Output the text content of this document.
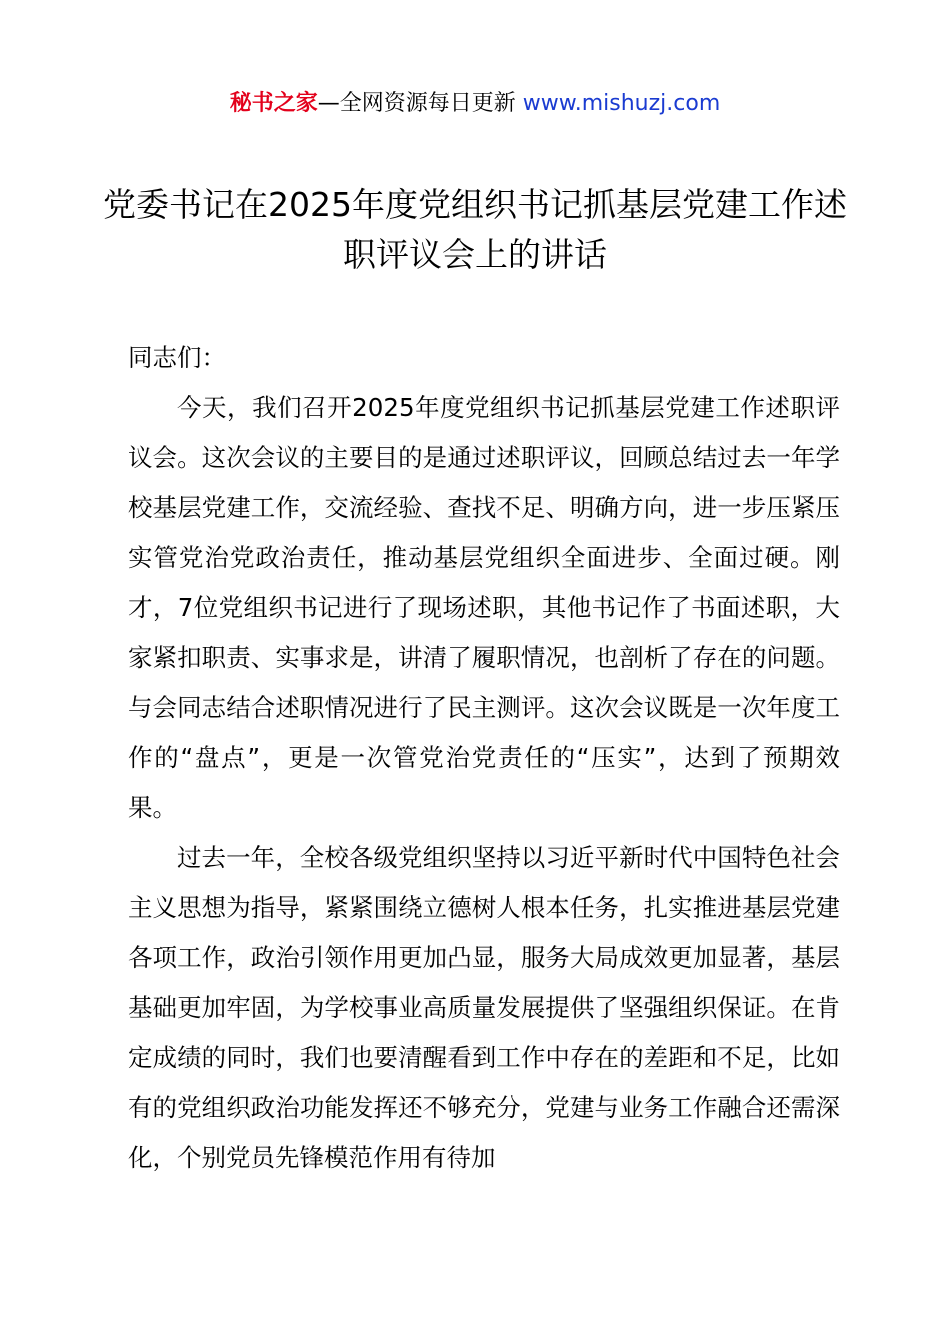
秘书之家—全网资源每日更新 www.mishuzj.com
党委书记在2025年度党组织书记抓基层党建工作述职评议会上的讲话

同志们：

今天，我们召开2025年度党组织书记抓基层党建工作述职评议会。这次会议的主要目的是通过述职评议，回顾总结过去一年学校基层党建工作，交流经验、查找不足、明确方向，进一步压紧压实管党治党政治责任，推动基层党组织全面进步、全面过硬。刚才，7位党组织书记进行了现场述职，其他书记作了书面述职，大家紧扣职责、实事求是，讲清了履职情况，也剖析了存在的问题。与会同志结合述职情况进行了民主测评。这次会议既是一次年度工作的“盘点”，更是一次管党治党责任的“压实”，达到了预期效果。

过去一年，全校各级党组织坚持以习近平新时代中国特色社会主义思想为指导，紧紧围绕立德树人根本任务，扎实推进基层党建各项工作，政治引领作用更加凸显，服务大局成效更加显著，基层基础更加牢固，为学校事业高质量发展提供了坚强组织保证。在肯定成绩的同时，我们也要清醒看到工作中存在的差距和不足，比如有的党组织政治功能发挥还不够充分，党建与业务工作融合还需深化，个别党员先锋模范作用有待加
